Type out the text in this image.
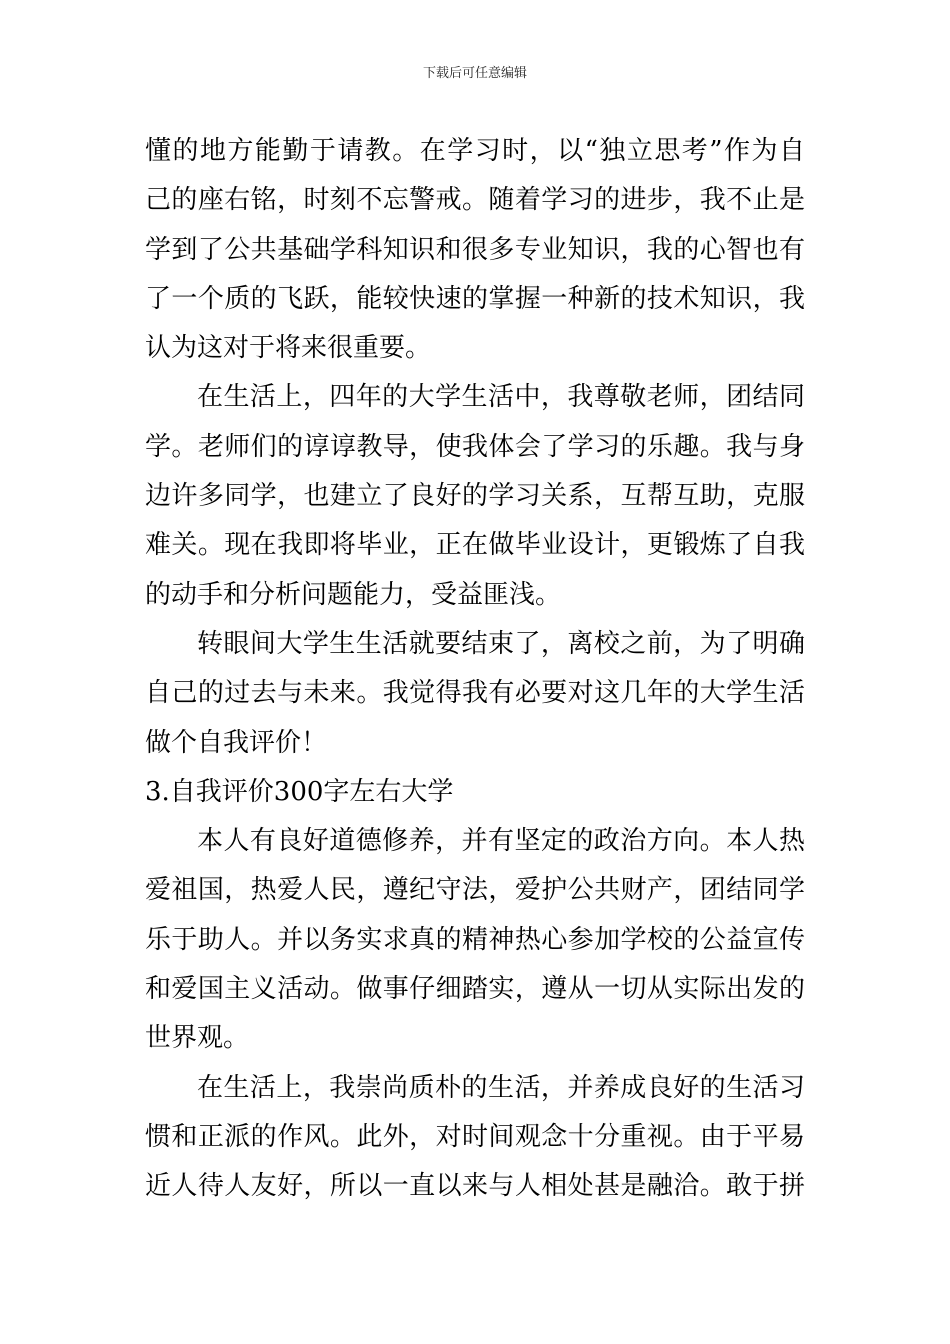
下载后可任意编辑
懂的地方能勤于请教。在学习时，以“独立思考”作为自
己的座右铭，时刻不忘警戒。随着学习的进步，我不止是
学到了公共基础学科知识和很多专业知识，我的心智也有
了一个质的飞跃，能较快速的掌握一种新的技术知识，我
认为这对于将来很重要。
在生活上，四年的大学生活中，我尊敬老师，团结同
学。老师们的谆谆教导，使我体会了学习的乐趣。我与身
边许多同学，也建立了良好的学习关系，互帮互助，克服
难关。现在我即将毕业，正在做毕业设计，更锻炼了自我
的动手和分析问题能力，受益匪浅。
转眼间大学生生活就要结束了，离校之前，为了明确
自己的过去与未来。我觉得我有必要对这几年的大学生活
做个自我评价！
3.自我评价300字左右大学
本人有良好道德修养，并有坚定的政治方向。本人热
爱祖国，热爱人民，遵纪守法，爱护公共财产，团结同学
乐于助人。并以务实求真的精神热心参加学校的公益宣传
和爱国主义活动。做事仔细踏实，遵从一切从实际出发的
世界观。
在生活上，我崇尚质朴的生活，并养成良好的生活习
惯和正派的作风。此外，对时间观念十分重视。由于平易
近人待人友好，所以一直以来与人相处甚是融洽。敢于拼
